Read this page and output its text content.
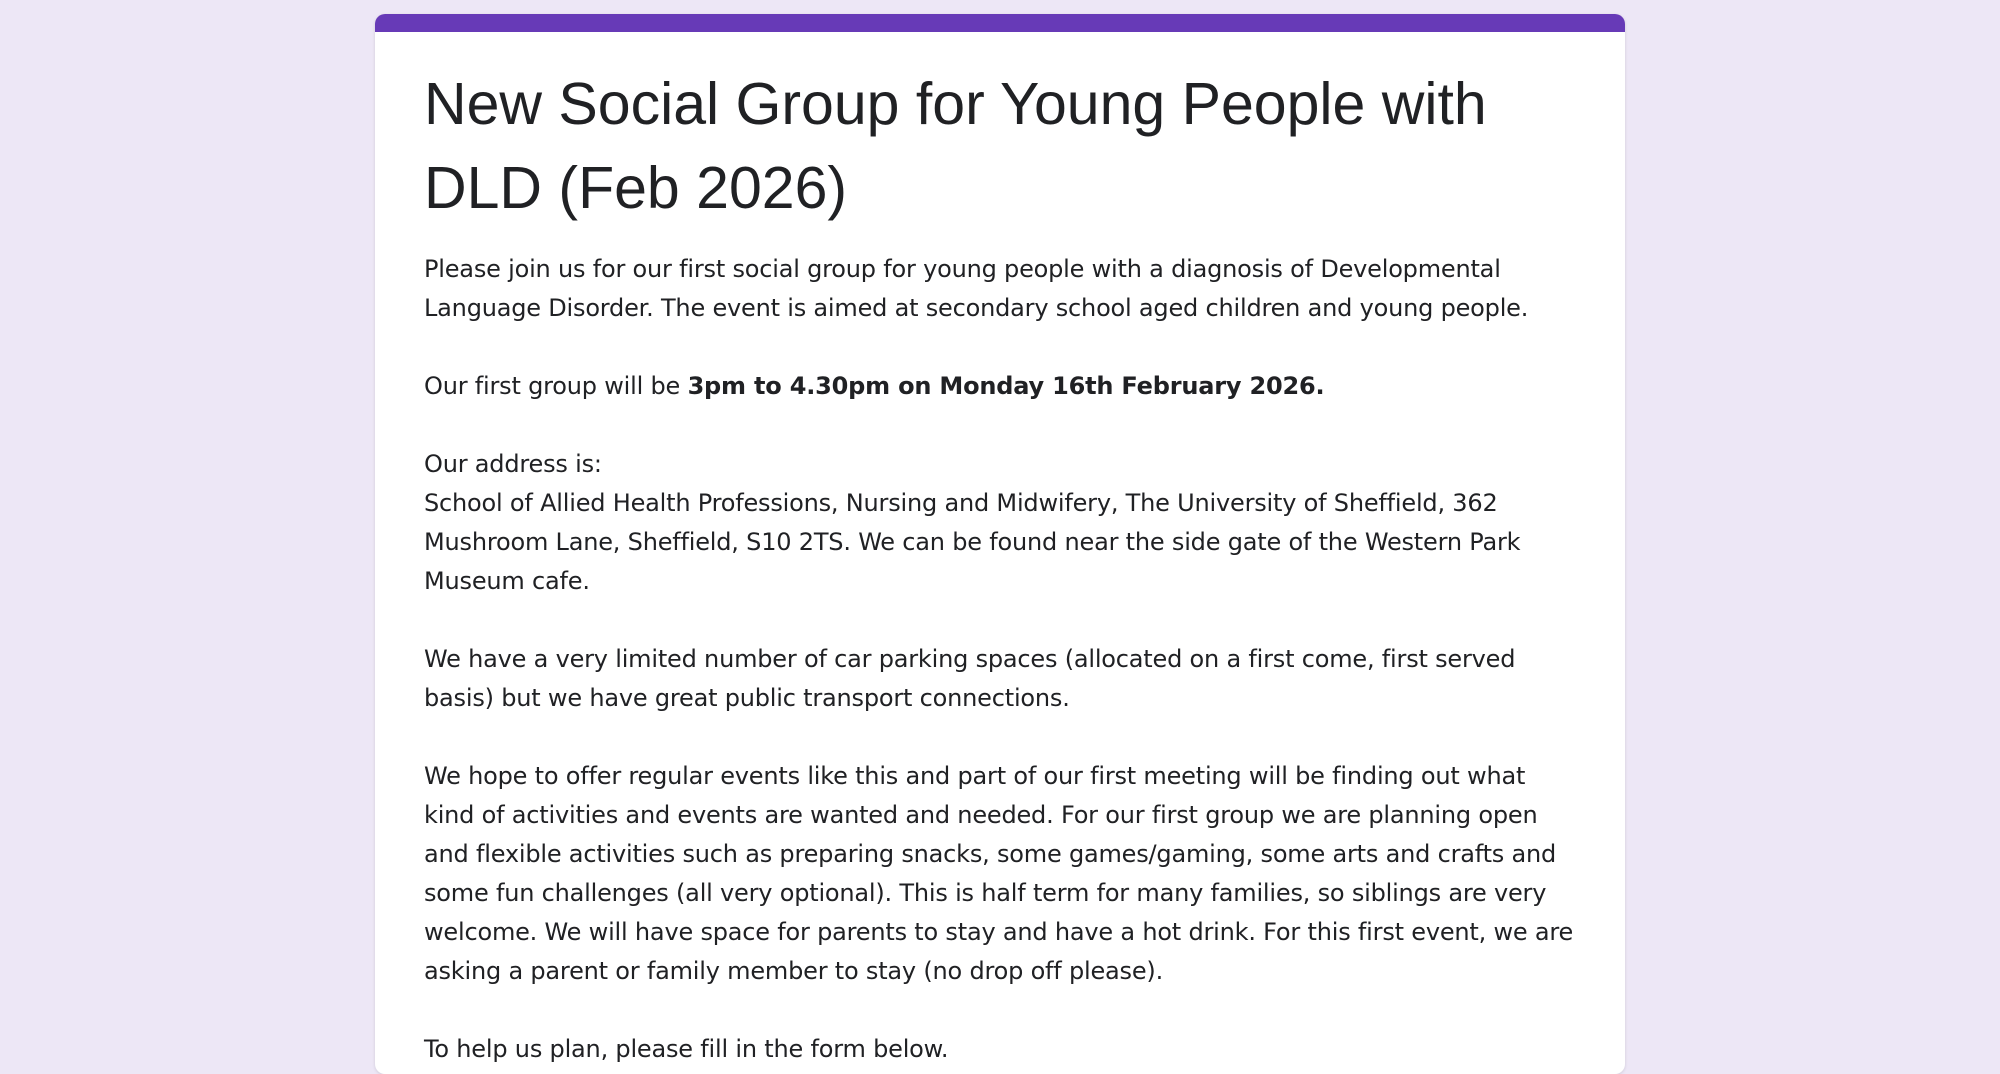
New Social Group for Young People with DLD (Feb 2026)

Please join us for our first social group for young people with a diagnosis of Developmental Language Disorder. The event is aimed at secondary school aged children and young people.

Our first group will be 3pm to 4.30pm on Monday 16th February 2026.

Our address is:

School of Allied Health Professions, Nursing and Midwifery, The University of Sheffield, 362 Mushroom Lane, Sheffield, S10 2TS. We can be found near the side gate of the Western Park Museum cafe.

We have a very limited number of car parking spaces (allocated on a first come, first served basis) but we have great public transport connections.

We hope to offer regular events like this and part of our first meeting will be finding out what kind of activities and events are wanted and needed. For our first group we are planning open and flexible activities such as preparing snacks, some games/gaming, some arts and crafts and some fun challenges (all very optional). This is half term for many families, so siblings are very welcome. We will have space for parents to stay and have a hot drink. For this first event, we are asking a parent or family member to stay (no drop off please).

To help us plan, please fill in the form below.
